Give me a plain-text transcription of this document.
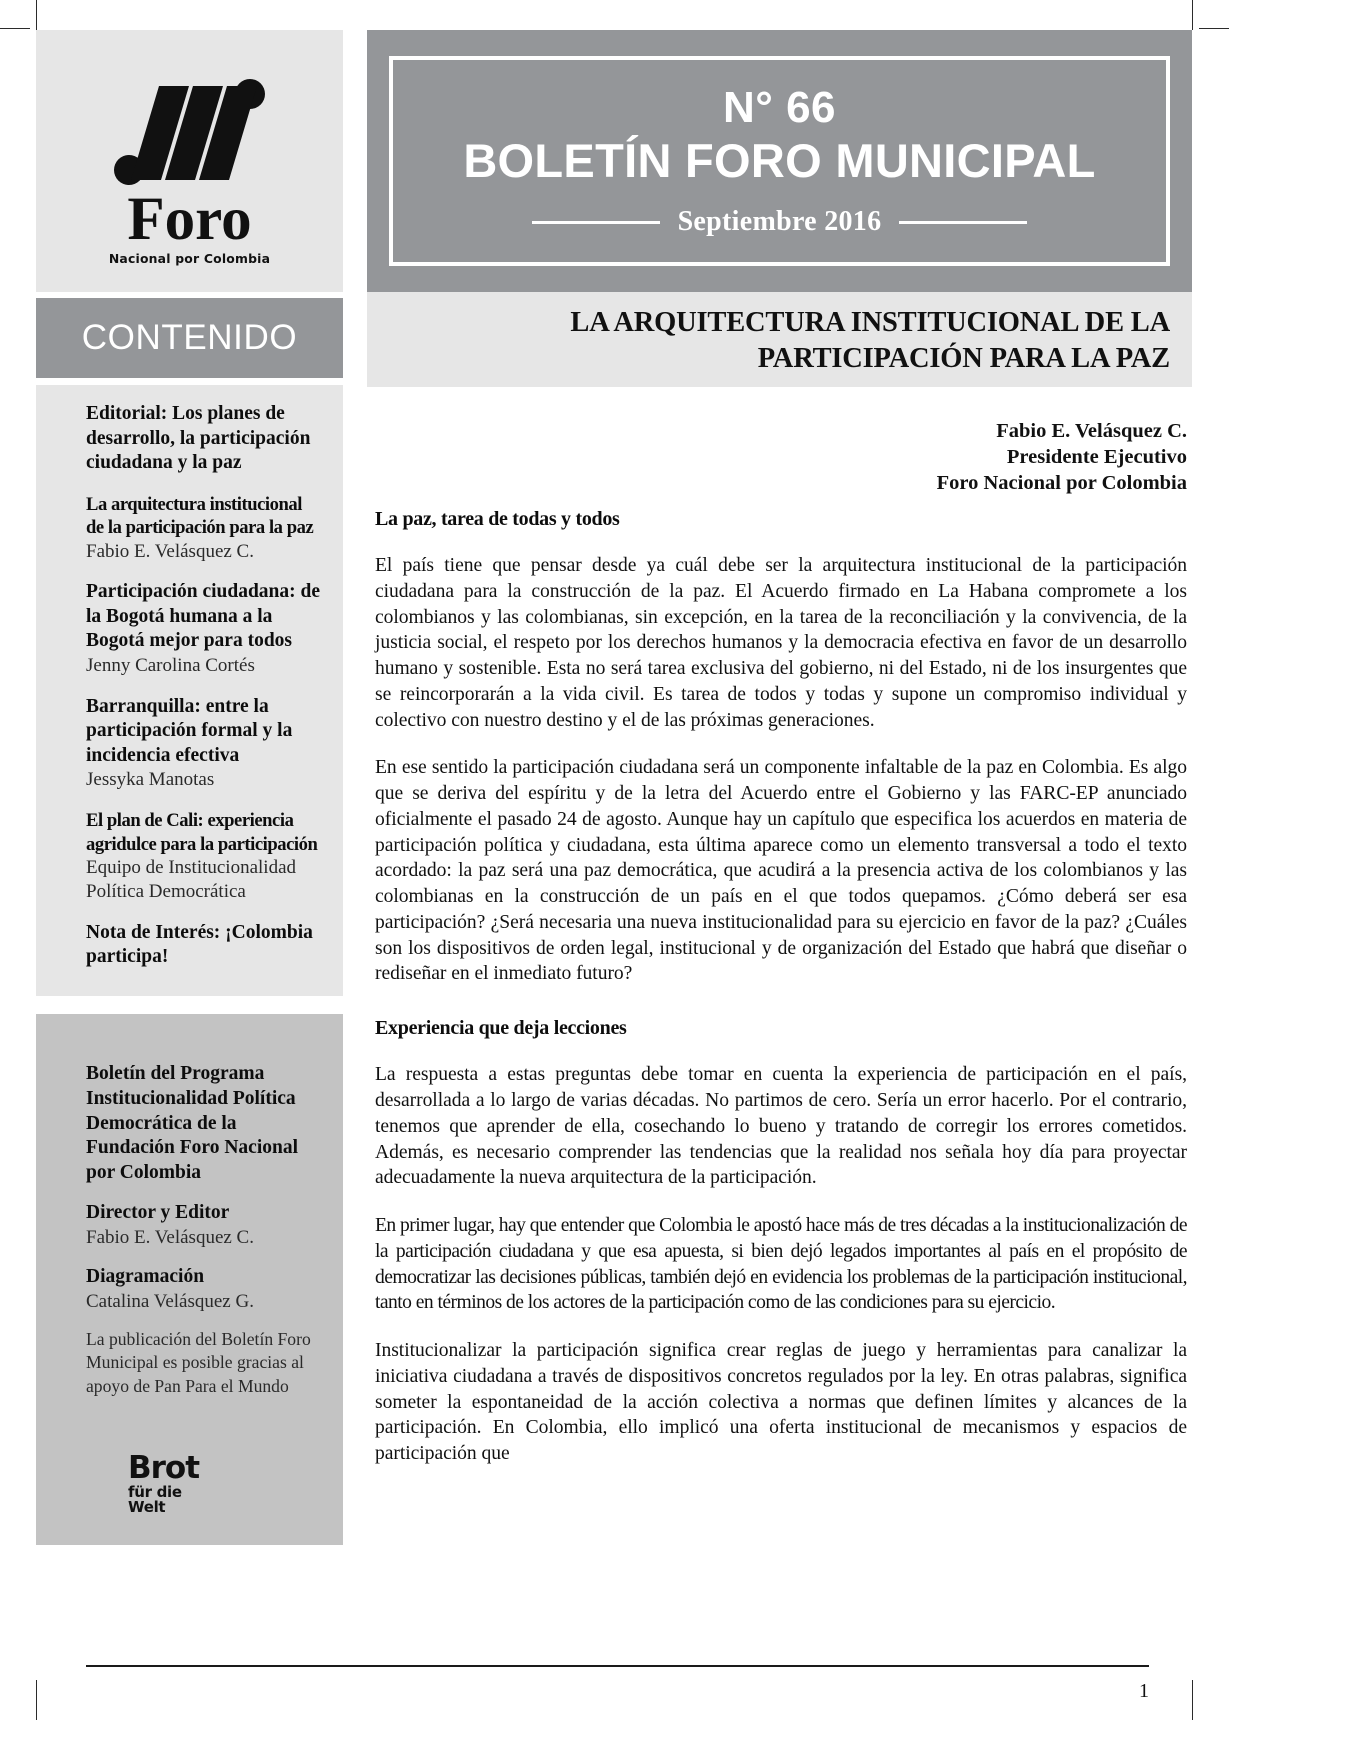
Foro
Nacional por Colombia
CONTENIDO
Editorial: Los planes de desarrollo, la participación ciudadana y la paz
La arquitectura institucional de la participación para la paz
Fabio E. Velásquez C.
Participación ciudadana: de la Bogotá humana a la Bogotá mejor para todos
Jenny Carolina Cortés
Barranquilla: entre la participación formal y la incidencia efectiva
Jessyka Manotas
El plan de Cali: experiencia agridulce para la participación
Equipo de Institucionalidad Política Democrática
Nota de Interés: ¡Colombia participa!
Boletín del Programa Institucionalidad Política Democrática de la Fundación Foro Nacional por Colombia
Director y Editor
Fabio E. Velásquez C.
Diagramación
Catalina Velásquez G.
La publicación del Boletín Foro Municipal es posible gracias al apoyo de Pan Para el Mundo
Brot
für die Welt
N° 66
BOLETÍN FORO MUNICIPAL
Septiembre 2016
LA ARQUITECTURA INSTITUCIONAL DE LA PARTICIPACIÓN PARA LA PAZ
Fabio E. Velásquez C.
Presidente Ejecutivo
Foro Nacional por Colombia
La paz, tarea de todas y todos

El país tiene que pensar desde ya cuál debe ser la arquitectura institucional de la participación ciudadana para la construcción de la paz. El Acuerdo firmado en La Habana compromete a los colombianos y las colombianas, sin excepción, en la tarea de la reconciliación y la convivencia, de la justicia social, el respeto por los derechos humanos y la democracia efectiva en favor de un desarrollo humano y sostenible. Esta no será tarea exclusiva del gobierno, ni del Estado, ni de los insurgentes que se reincorporarán a la vida civil. Es tarea de todos y todas y supone un compromiso individual y colectivo con nuestro destino y el de las próximas generaciones.

En ese sentido la participación ciudadana será un componente infaltable de la paz en Colombia. Es algo que se deriva del espíritu y de la letra del Acuerdo entre el Gobierno y las FARC-EP anunciado oficialmente el pasado 24 de agosto. Aunque hay un capítulo que especifica los acuerdos en materia de participación política y ciudadana, esta última aparece como un elemento transversal a todo el texto acordado: la paz será una paz democrática, que acudirá a la presencia activa de los colombianos y las colombianas en la construcción de un país en el que todos quepamos. ¿Cómo deberá ser esa participación? ¿Será necesaria una nueva institucionalidad para su ejercicio en favor de la paz? ¿Cuáles son los dispositivos de orden legal, institucional y de organización del Estado que habrá que diseñar o rediseñar en el inmediato futuro?

Experiencia que deja lecciones

La respuesta a estas preguntas debe tomar en cuenta la experiencia de participación en el país, desarrollada a lo largo de varias décadas. No partimos de cero. Sería un error hacerlo. Por el contrario, tenemos que aprender de ella, cosechando lo bueno y tratando de corregir los errores cometidos. Además, es necesario comprender las tendencias que la realidad nos señala hoy día para proyectar adecuadamente la nueva arquitectura de la participación.

En primer lugar, hay que entender que Colombia le apostó hace más de tres décadas a la institucionalización de la participación ciudadana y que esa apuesta, si bien dejó legados importantes al país en el propósito de democratizar las decisiones públicas, también dejó en evidencia los problemas de la participación institucional, tanto en términos de los actores de la participación como de las condiciones para su ejercicio.

Institucionalizar la participación significa crear reglas de juego y herramientas para canalizar la iniciativa ciudadana a través de dispositivos concretos regulados por la ley. En otras palabras, significa someter la espontaneidad de la acción colectiva a normas que definen límites y alcances de la participación. En Colombia, ello implicó una oferta institucional de mecanismos y espacios de participación que

1
